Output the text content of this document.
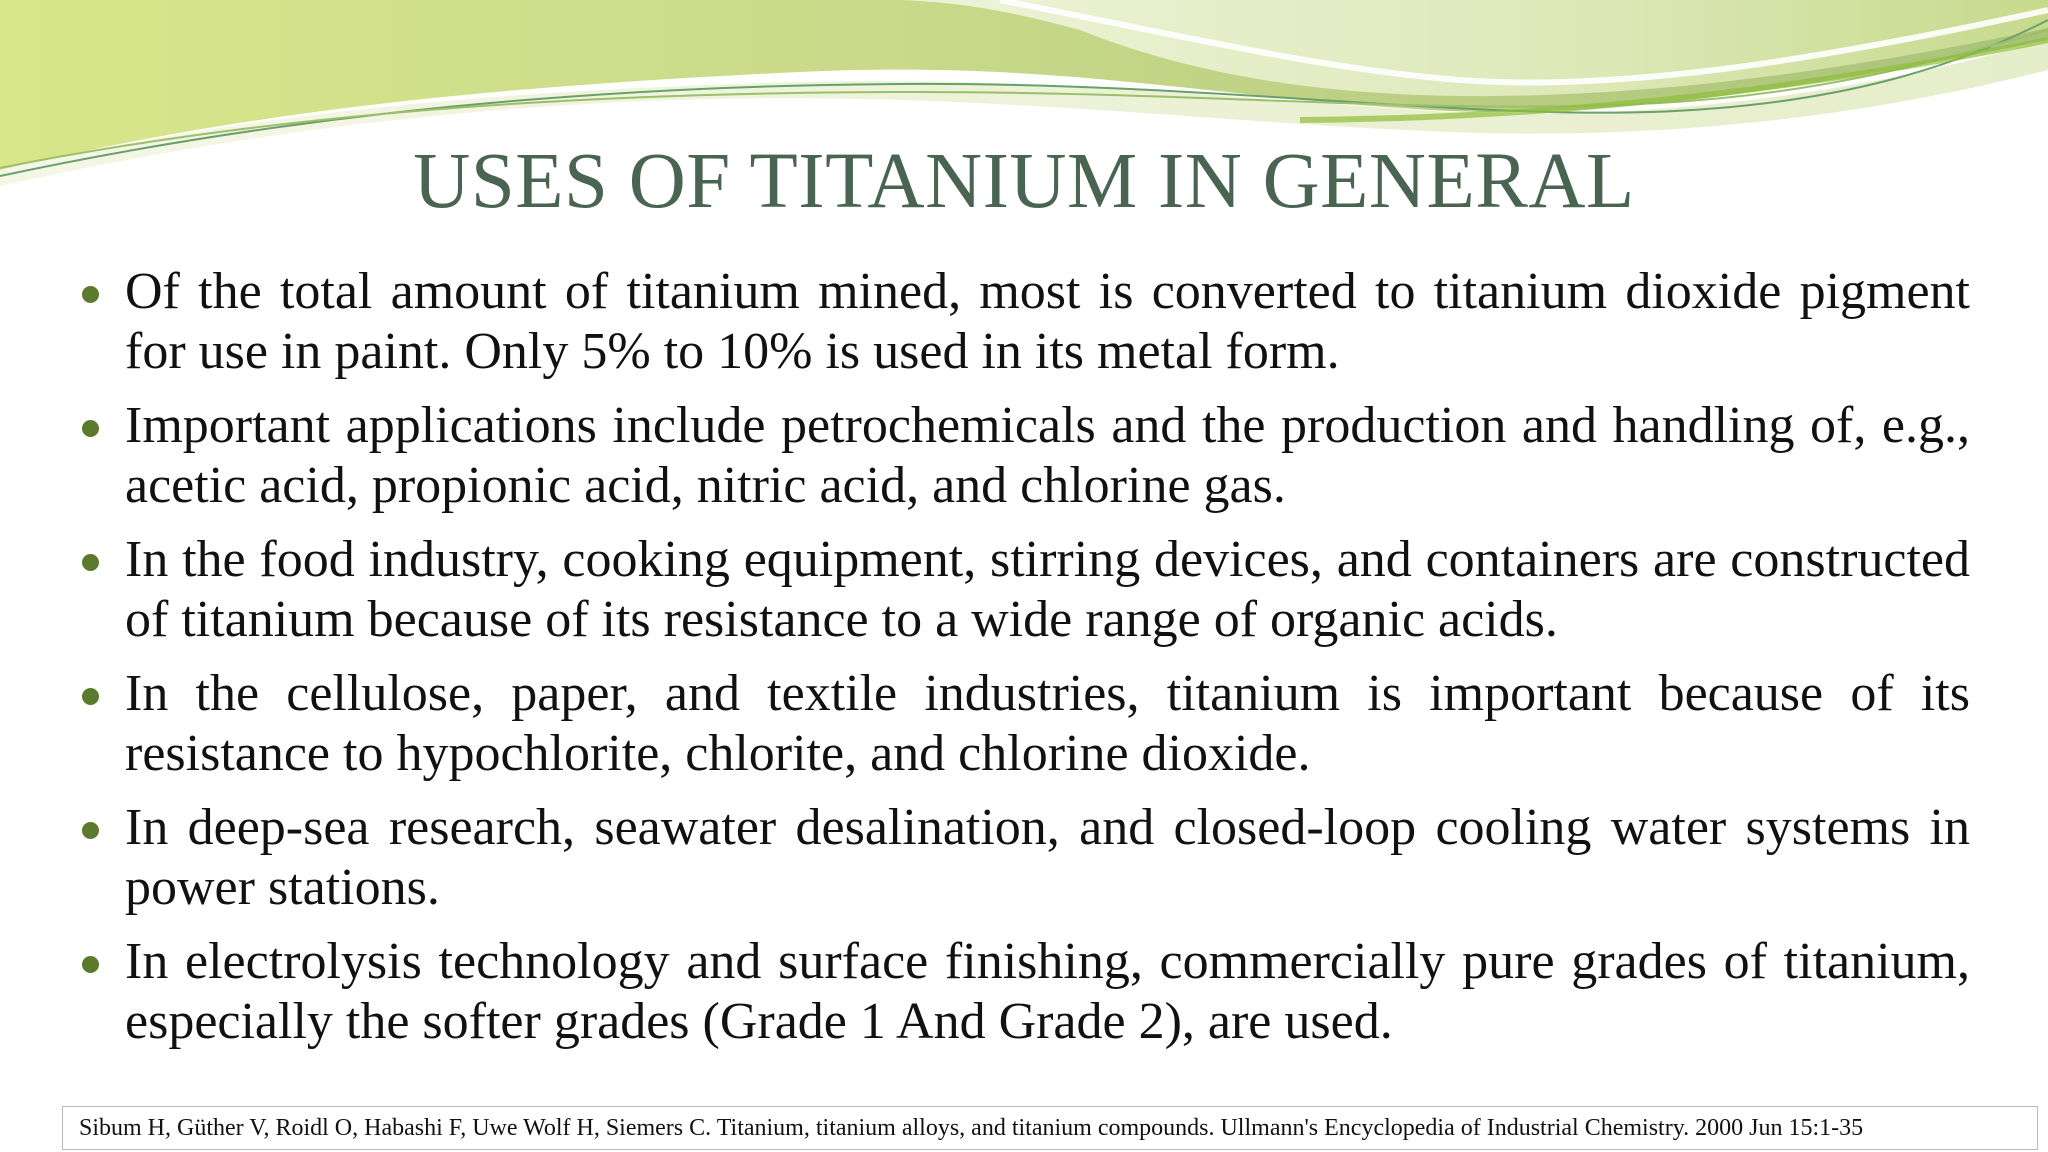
USES OF TITANIUM IN GENERAL
Of the total amount of titanium mined, most is converted to titanium dioxide pigment for use in paint. Only 5% to 10% is used in its metal form.
Important applications include petrochemicals and the production and handling of, e.g., acetic acid, propionic acid, nitric acid, and chlorine gas.
In the food industry, cooking equipment, stirring devices, and containers are constructed of titanium because of its resistance to a wide range of organic acids.
In the cellulose, paper, and textile industries, titanium is important because of its resistance to hypochlorite, chlorite, and chlorine dioxide.
In deep-sea research, seawater desalination, and closed-loop cooling water systems in power stations.
In electrolysis technology and surface finishing, commercially pure grades of titanium, especially the softer grades (Grade 1 And Grade 2), are used.
Sibum H, Güther V, Roidl O, Habashi F, Uwe Wolf H, Siemers C. Titanium, titanium alloys, and titanium compounds. Ullmann's Encyclopedia of Industrial Chemistry. 2000 Jun 15:1-35
